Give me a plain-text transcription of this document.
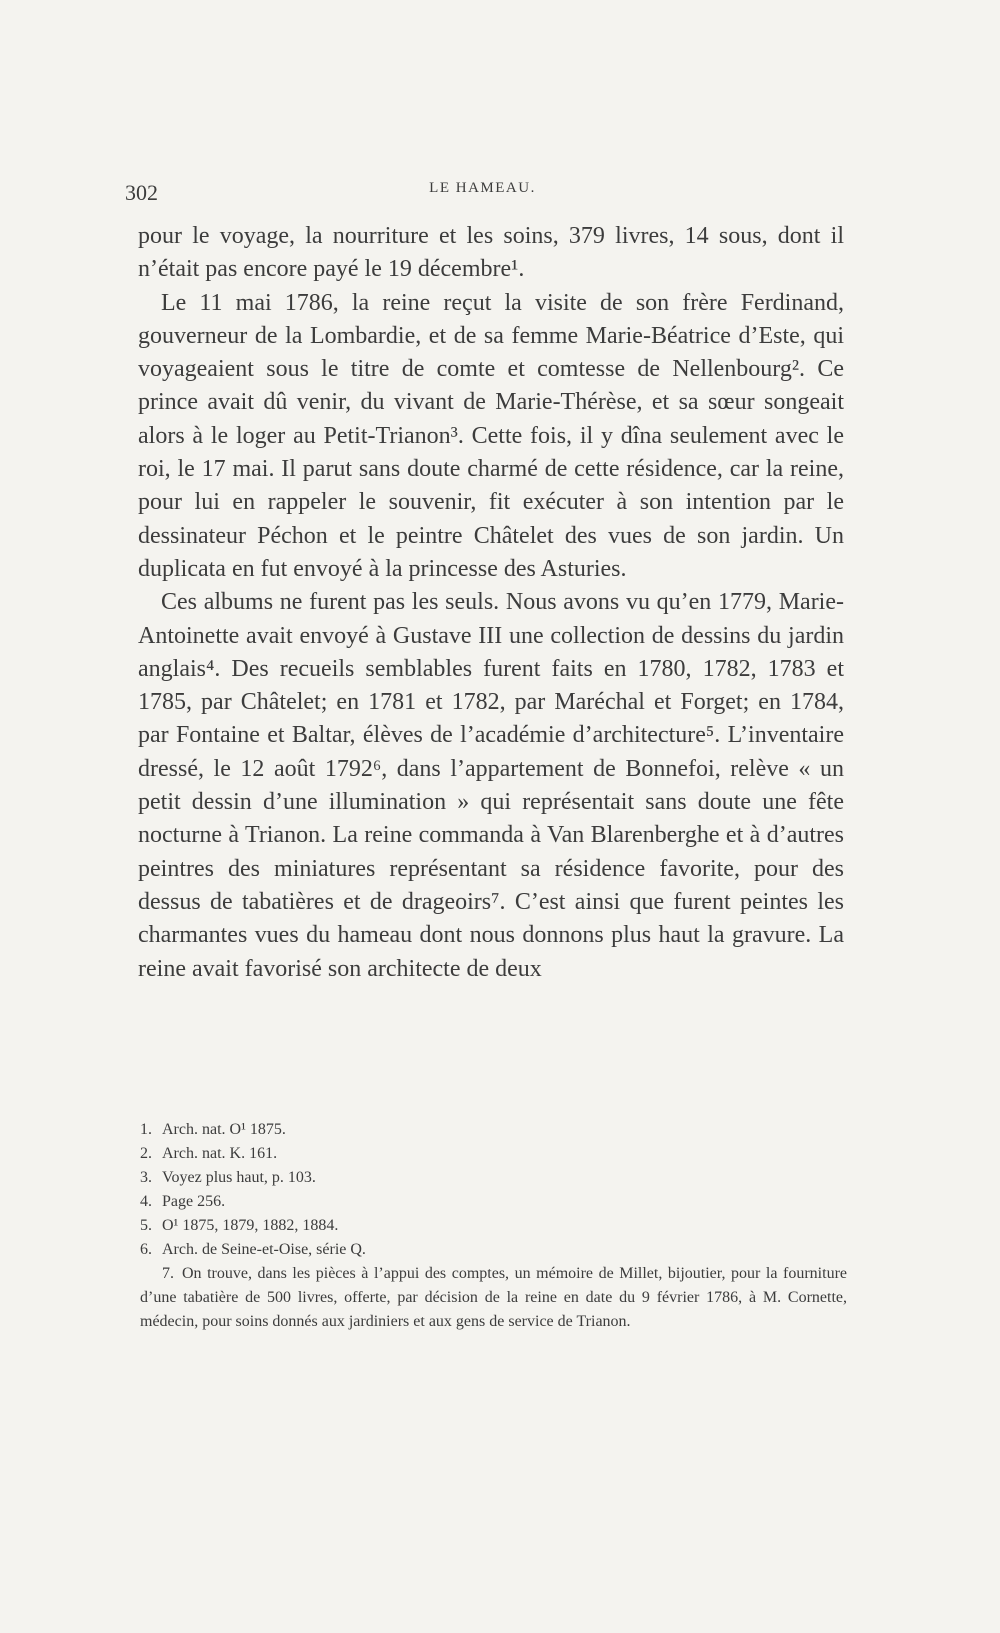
302	LE HAMEAU.

pour le voyage, la nourriture et les soins, 379 livres, 14 sous, dont il n’était pas encore payé le 19 décembre¹.

Le 11 mai 1786, la reine reçut la visite de son frère Ferdinand, gouverneur de la Lombardie, et de sa femme Marie-Béatrice d’Este, qui voyageaient sous le titre de comte et comtesse de Nellenbourg². Ce prince avait dû venir, du vivant de Marie-Thérèse, et sa sœur songeait alors à le loger au Petit-Trianon³. Cette fois, il y dîna seulement avec le roi, le 17 mai. Il parut sans doute charmé de cette résidence, car la reine, pour lui en rappeler le souvenir, fit exécuter à son intention par le dessinateur Péchon et le peintre Châtelet des vues de son jardin. Un duplicata en fut envoyé à la princesse des Asturies.

Ces albums ne furent pas les seuls. Nous avons vu qu’en 1779, Marie-Antoinette avait envoyé à Gustave III une collection de dessins du jardin anglais⁴. Des recueils semblables furent faits en 1780, 1782, 1783 et 1785, par Châtelet; en 1781 et 1782, par Maréchal et Forget; en 1784, par Fontaine et Baltar, élèves de l’académie d’architecture⁵. L’inventaire dressé, le 12 août 1792⁶, dans l’appartement de Bonnefoi, relève « un petit dessin d’une illumination » qui représentait sans doute une fête nocturne à Trianon. La reine commanda à Van Blarenberghe et à d’autres peintres des miniatures représentant sa résidence favorite, pour des dessus de tabatières et de drageoirs⁷. C’est ainsi que furent peintes les charmantes vues du hameau dont nous donnons plus haut la gravure. La reine avait favorisé son architecte de deux

1. Arch. nat. O¹ 1875.
2. Arch. nat. K. 161.
3. Voyez plus haut, p. 103.
4. Page 256.
5. O¹ 1875, 1879, 1882, 1884.
6. Arch. de Seine-et-Oise, série Q.
7. On trouve, dans les pièces à l’appui des comptes, un mémoire de Millet, bijoutier, pour la fourniture d’une tabatière de 500 livres, offerte, par décision de la reine en date du 9 février 1786, à M. Cornette, médecin, pour soins donnés aux jardiniers et aux gens de service de Trianon.
